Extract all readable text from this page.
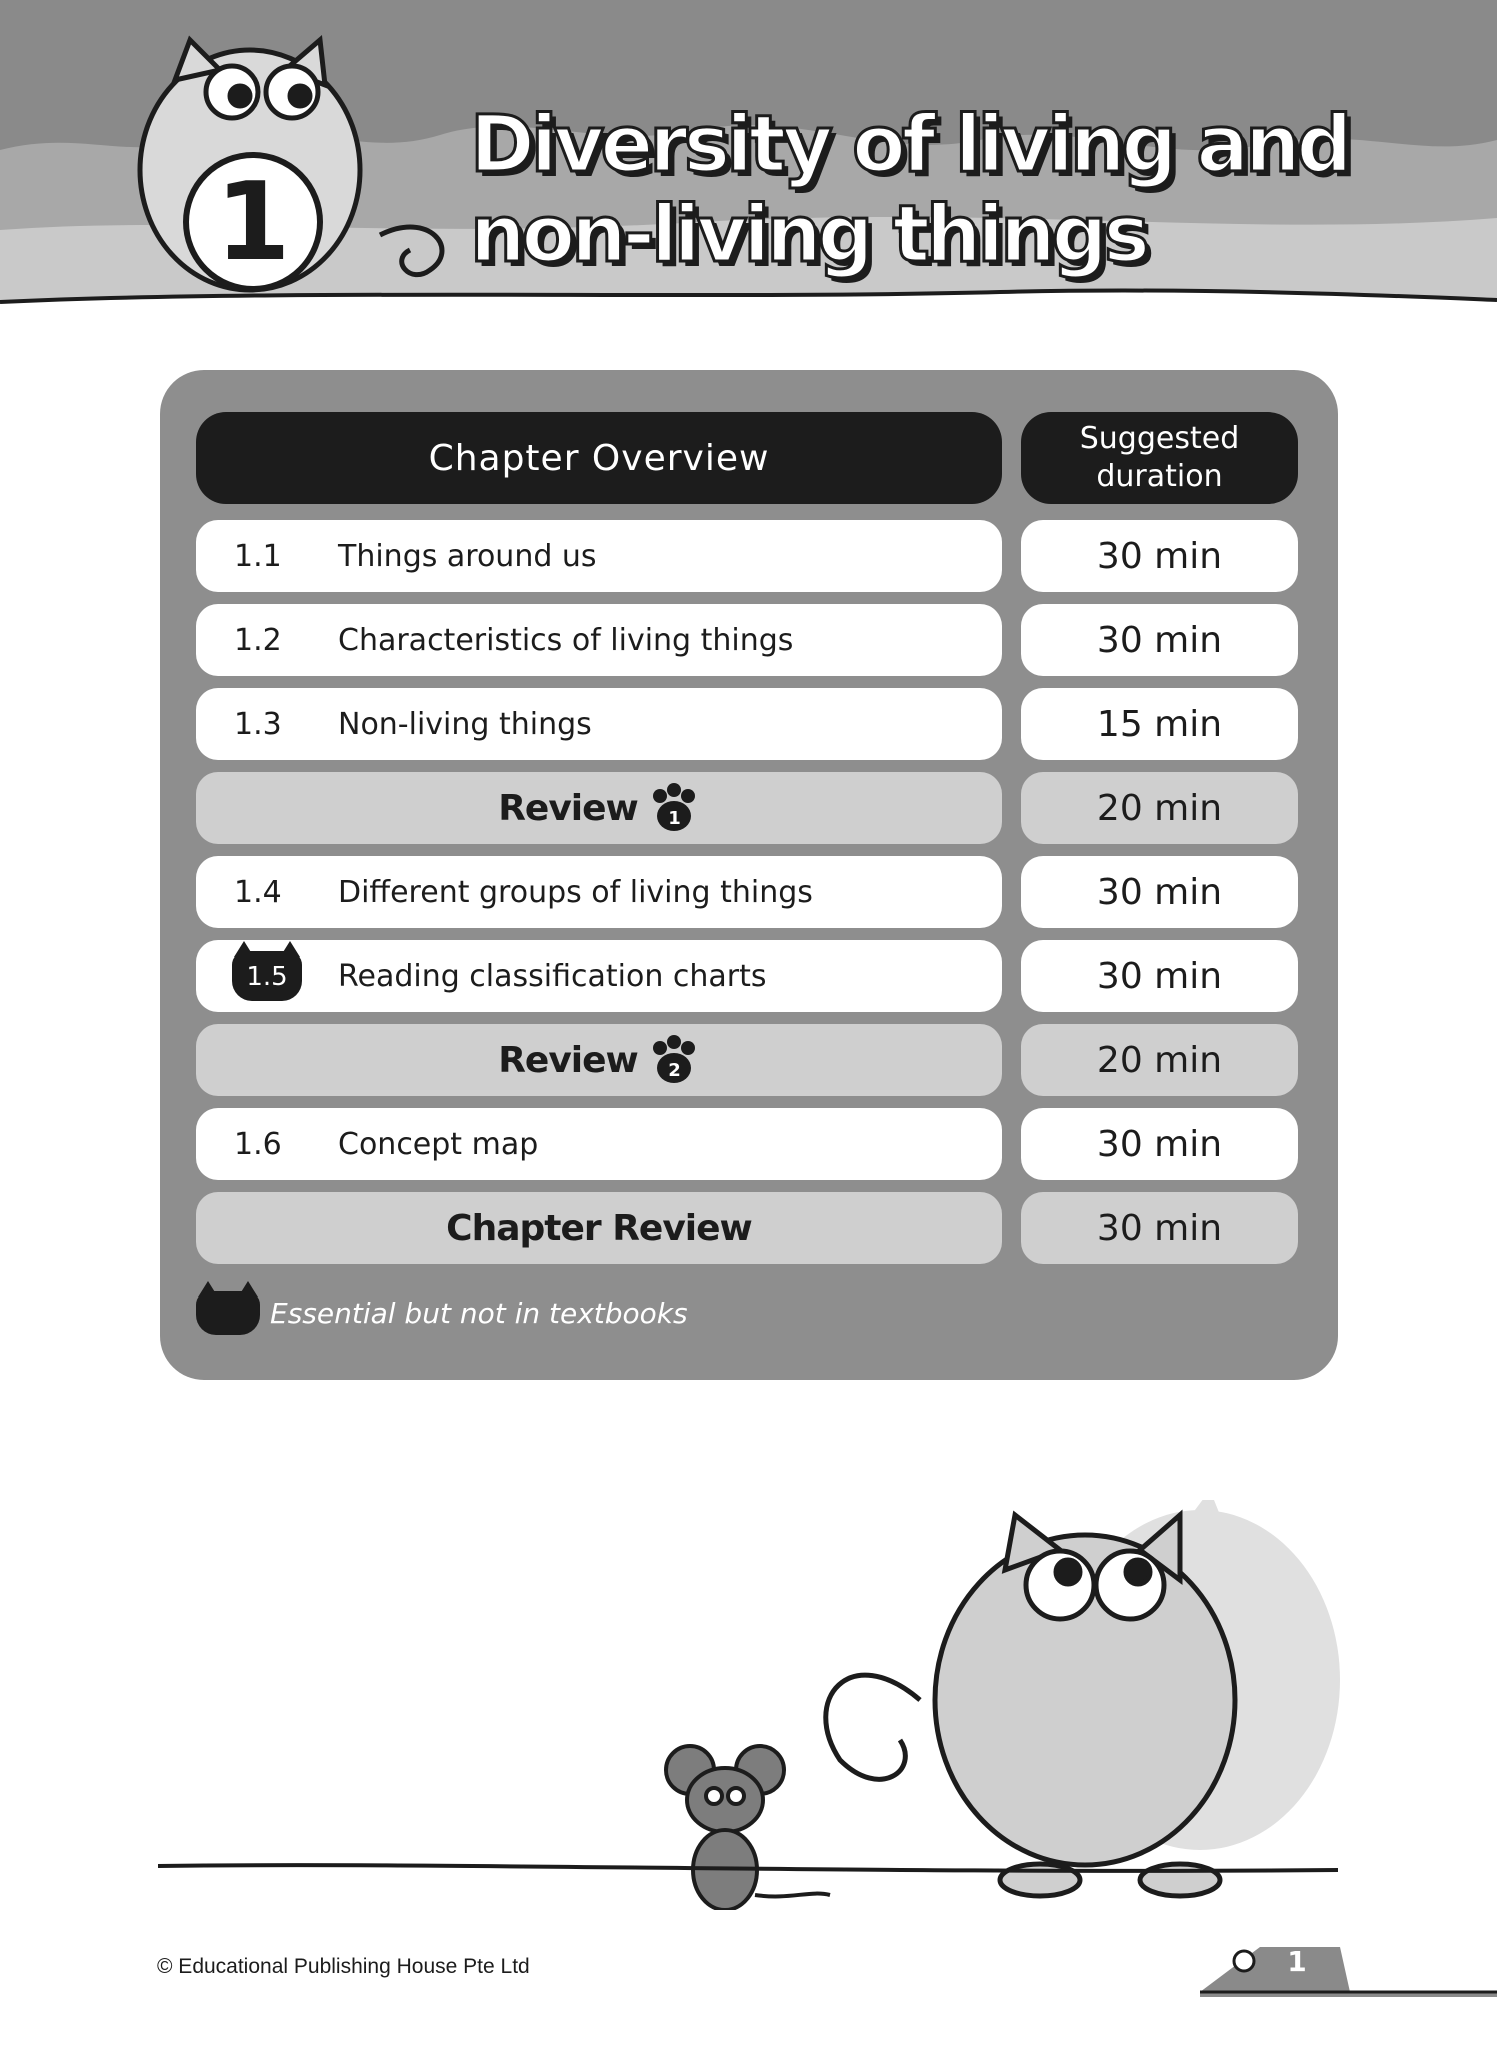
1
Diversity of living and
non-living things
Chapter Overview	Suggested
duration
1.1	Things around us	30 min
1.2	Characteristics of living things	30 min
1.3	Non-living things	15 min
Review 1	20 min
1.4	Different groups of living things	30 min
1.5	Reading classification charts	30 min
Review 2	20 min
1.6	Concept map	30 min
Chapter Review	30 min
Essential but not in textbooks
© Educational Publishing House Pte Ltd	1
